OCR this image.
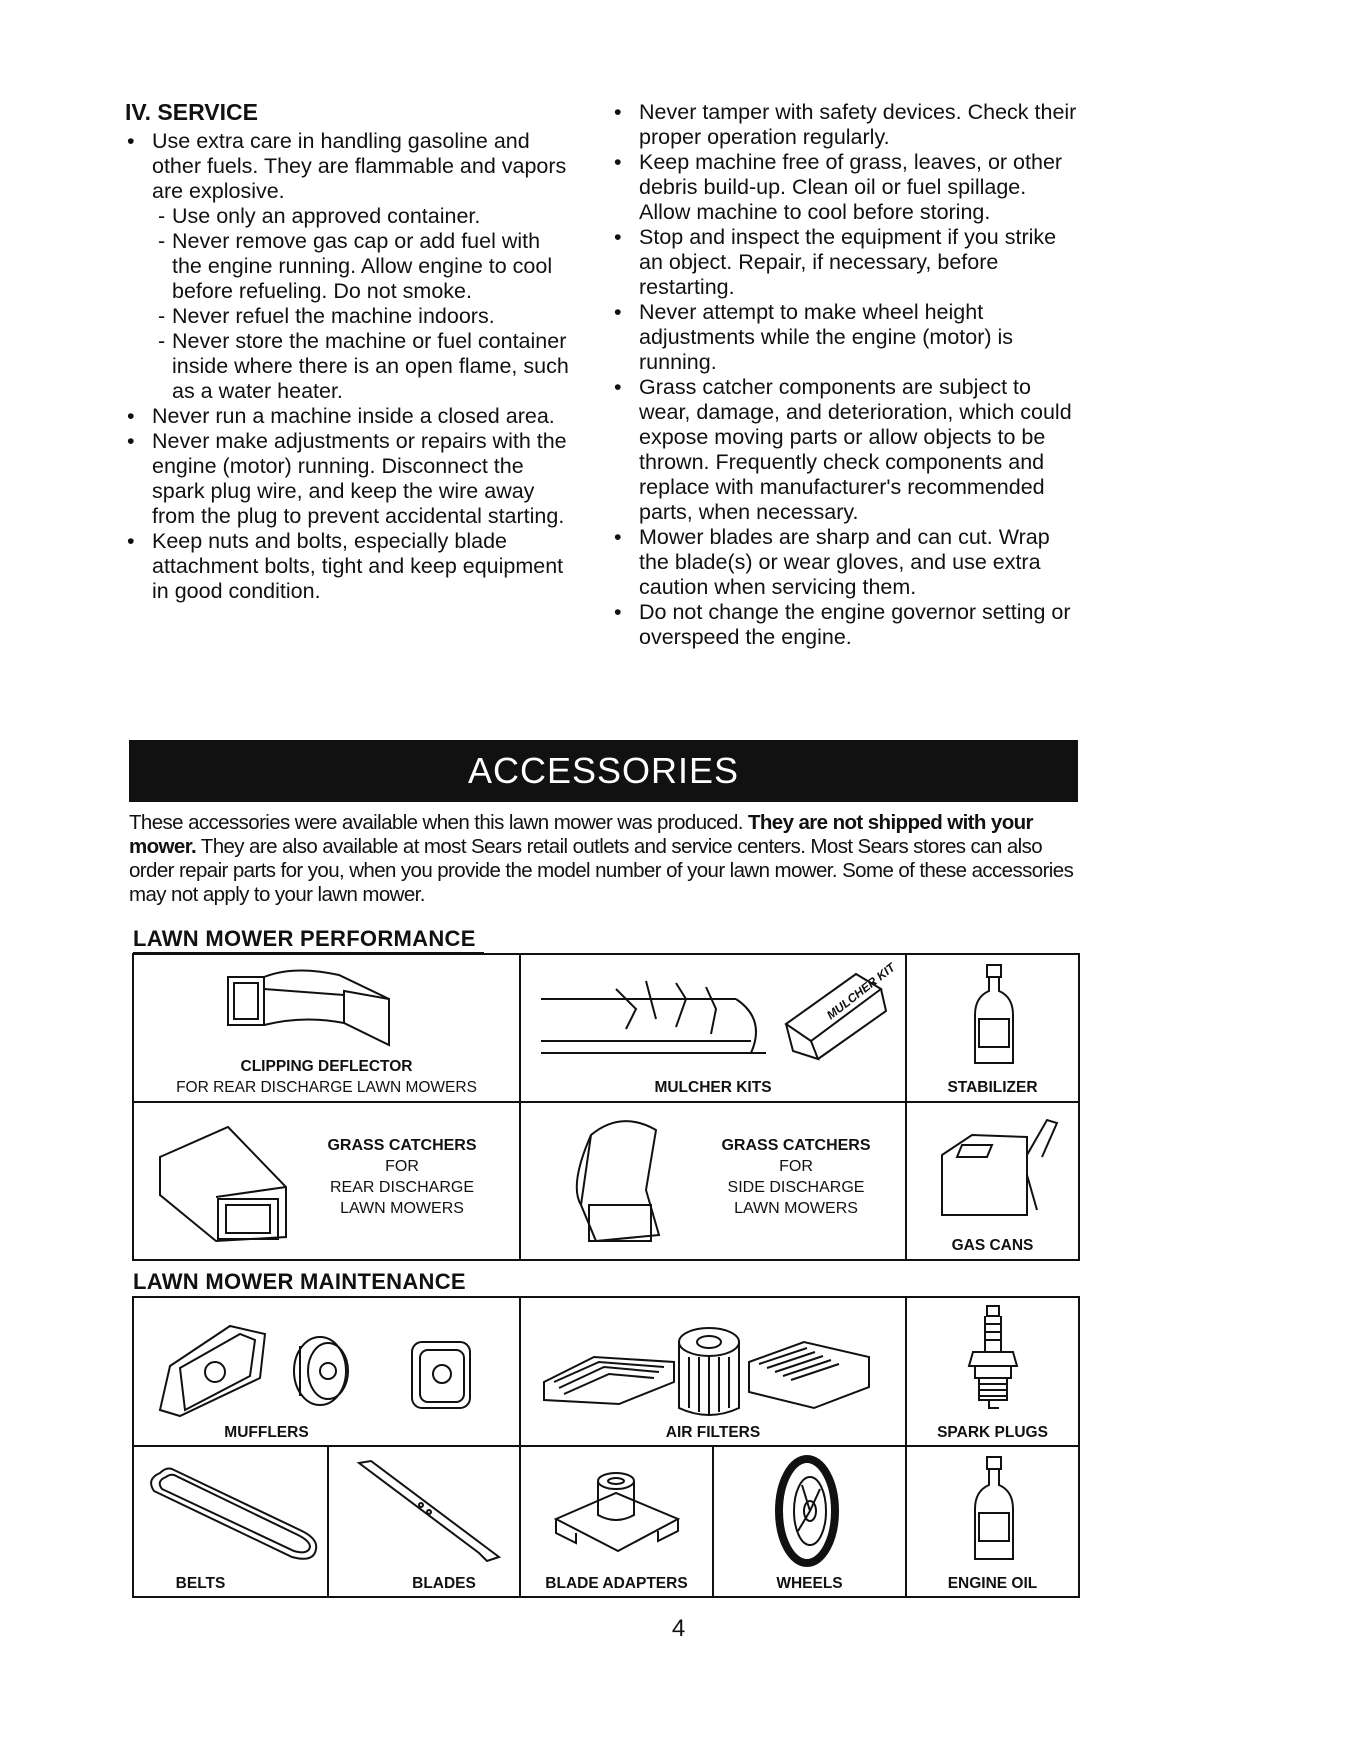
IV. SERVICE
• Use extra care in handling gasoline and other fuels. They are flammable and vapors are explosive.
- Use only an approved container.
- Never remove gas cap or add fuel with the engine running. Allow engine to cool before refueling. Do not smoke.
- Never refuel the machine indoors.
- Never store the machine or fuel container inside where there is an open flame, such as a water heater.
• Never run a machine inside a closed area.
• Never make adjustments or repairs with the engine (motor) running. Disconnect the spark plug wire, and keep the wire away from the plug to prevent accidental starting.
• Keep nuts and bolts, especially blade attachment bolts, tight and keep equipment in good condition.
• Never tamper with safety devices. Check their proper operation regularly.
• Keep machine free of grass, leaves, or other debris build-up. Clean oil or fuel spillage. Allow machine to cool before storing.
• Stop and inspect the equipment if you strike an object. Repair, if necessary, before restarting.
• Never attempt to make wheel height adjustments while the engine (motor) is running.
• Grass catcher components are subject to wear, damage, and deterioration, which could expose moving parts or allow objects to be thrown. Frequently check components and replace with manufacturer's recommended parts, when necessary.
• Mower blades are sharp and can cut. Wrap the blade(s) or wear gloves, and use extra caution when servicing them.
• Do not change the engine governor setting or overspeed the engine.
ACCESSORIES
These accessories were available when this lawn mower was produced. They are not shipped with your mower. They are also available at most Sears retail outlets and service centers. Most Sears stores can also order repair parts for you, when you provide the model number of your lawn mower. Some of these accessories may not apply to your lawn mower.
LAWN MOWER PERFORMANCE
CLIPPING DEFLECTOR
FOR REAR DISCHARGE LAWN MOWERS
MULCHER KIT
MULCHER KITS	STABILIZER
GRASS CATCHERS
FOR
REAR DISCHARGE
LAWN MOWERS
GRASS CATCHERS
FOR
SIDE DISCHARGE
LAWN MOWERS
GAS CANS
LAWN MOWER MAINTENANCE
MUFFLERS	AIR FILTERS	SPARK PLUGS
BELTS	BLADES	BLADE ADAPTERS	WHEELS	ENGINE OIL
4
